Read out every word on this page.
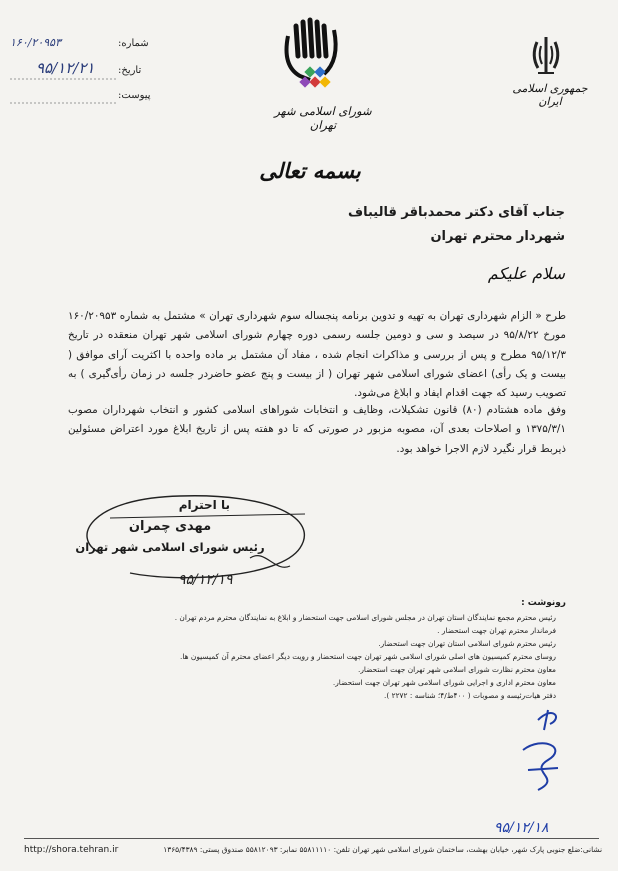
۱۶۰/۲۰۹۵۳
۹۵/۱۲/۲۱
شماره:
تاریخ:
پیوست:
شورای اسلامی شهر تهران
جمهوری اسلامی ایران
بسمه تعالی
جناب آقای دکتر محمدباقر قالیباف
شهردار محترم تهران
سلام علیکم
طرح « الزام شهرداری تهران به تهیه و تدوین برنامه پنجساله سوم شهرداری تهران » مشتمل به شماره ۱۶۰/۲۰۹۵۳ مورخ ۹۵/۸/۲۲ در سیصد و سی و دومین جلسه رسمی دوره چهارم شورای اسلامی شهر تهران منعقده در تاریخ ۹۵/۱۲/۳ مطرح و پس از بررسی و مذاکرات انجام شده ، مفاد آن مشتمل بر ماده واحده با اکثریت آرای موافق ( بیست و یک رأی) اعضای شورای اسلامی شهر تهران ( از بیست و پنج عضو حاضردر جلسه در زمان رأی‌گیری ) به تصویب رسید که جهت اقدام ایفاد و ابلاغ می‌شود.
وفق ماده هشتادم (۸۰) قانون تشکیلات، وظایف و انتخابات شوراهای اسلامی کشور و انتخاب شهرداران مصوب ۱۳۷۵/۳/۱ و اصلاحات بعدی آن، مصوبه مزبور در صورتی که تا دو هفته پس از تاریخ ابلاغ مورد اعتراض مسئولین ذیربط قرار نگیرد لازم الاجرا خواهد بود.
با احترام
مهدی چمران
رئیس شورای اسلامی شهر تهران
۹۵/۱۲/۱۹
رونوشت :
رئیس محترم مجمع نمایندگان استان تهران در مجلس شورای اسلامی جهت استحضار و ابلاغ به نمایندگان محترم مردم تهران .
فرماندار محترم تهران جهت استحضار .
رئیس محترم شورای اسلامی استان تهران جهت استحضار.
روسای محترم کمیسیون های اصلی شورای اسلامی شهر تهران جهت استحضار و رویت دیگر اعضای محترم آن کمیسیون ها.
معاون محترم نظارت شورای اسلامی شهر تهران جهت استحضار.
معاون محترم اداری و اجرایی شورای اسلامی شهر تهران جهت استحضار.
دفتر هیات‌رئیسه و مصوبات ( ۴۰۰ط/۴؛ شناسه : ۲۲۷۲ ).
۹۵/۱۲/۱۸
http://shora.tehran.ir	نشانی:ضلع جنوبی پارک شهر، خیابان بهشت، ساختمان شورای اسلامی شهر تهران تلفن: ۵۵۸۱۱۱۱۰ نمابر: ۵۵۸۱۲۰۹۳ صندوق پستی: ۱۳۶۵/۴۳۸۹
